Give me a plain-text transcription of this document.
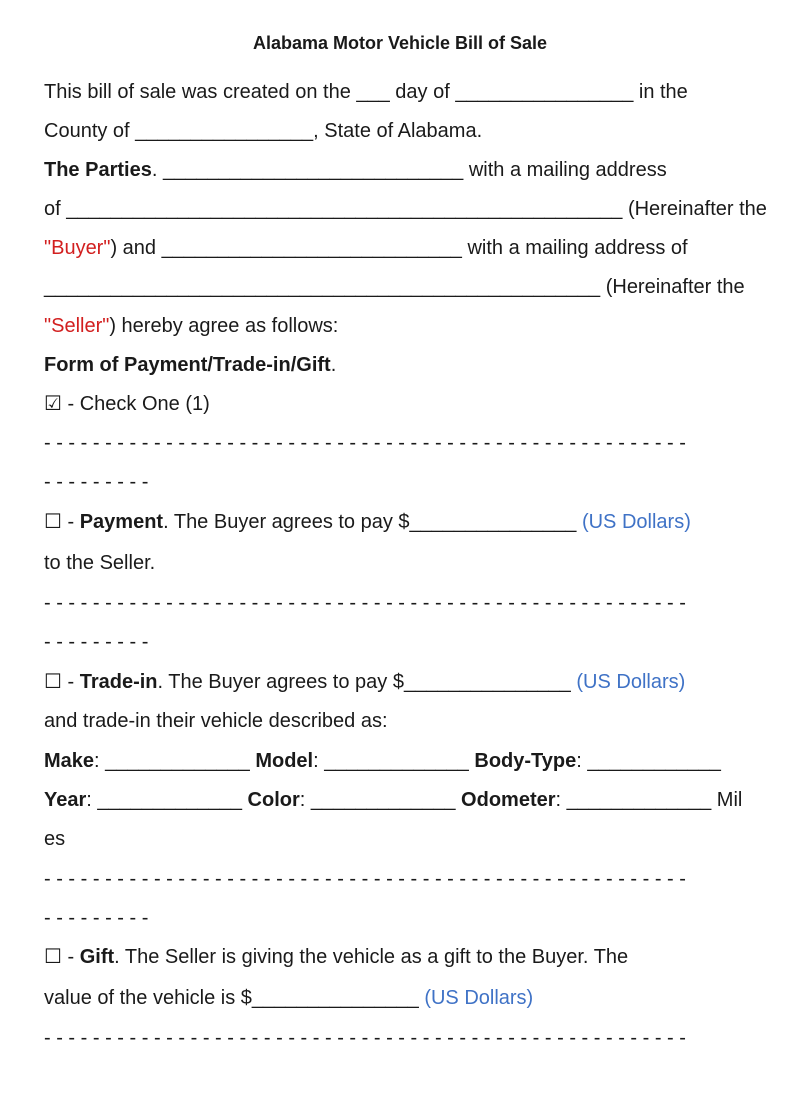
Alabama Motor Vehicle Bill of Sale
This bill of sale was created on the ___ day of ________________ in the
County of ________________, State of Alabama.
The Parties. ___________________________ with a mailing address
of __________________________________________________ (Hereinafter the
"Buyer") and ___________________________ with a mailing address of
__________________________________________________ (Hereinafter the
"Seller") hereby agree as follows:
Form of Payment/Trade-in/Gift.
☑ - Check One (1)
- - - - - - - - - - - - - - - - - - - - - - - - - - - - - - - - - - - - - - - - - - - - - - - - - - - - -
- - - - - - - - -
☐ - Payment. The Buyer agrees to pay $_______________ (US Dollars)
to the Seller.
- - - - - - - - - - - - - - - - - - - - - - - - - - - - - - - - - - - - - - - - - - - - - - - - - - - - -
- - - - - - - - -
☐ - Trade-in. The Buyer agrees to pay $_______________ (US Dollars)
and trade-in their vehicle described as:
Make: _____________ Model: _____________ Body-Type: ____________
Year: _____________ Color: _____________ Odometer: _____________ Mil
es
- - - - - - - - - - - - - - - - - - - - - - - - - - - - - - - - - - - - - - - - - - - - - - - - - - - - -
- - - - - - - - -
☐ - Gift. The Seller is giving the vehicle as a gift to the Buyer. The
value of the vehicle is $_______________ (US Dollars)
- - - - - - - - - - - - - - - - - - - - - - - - - - - - - - - - - - - - - - - - - - - - - - - - - - - - -
